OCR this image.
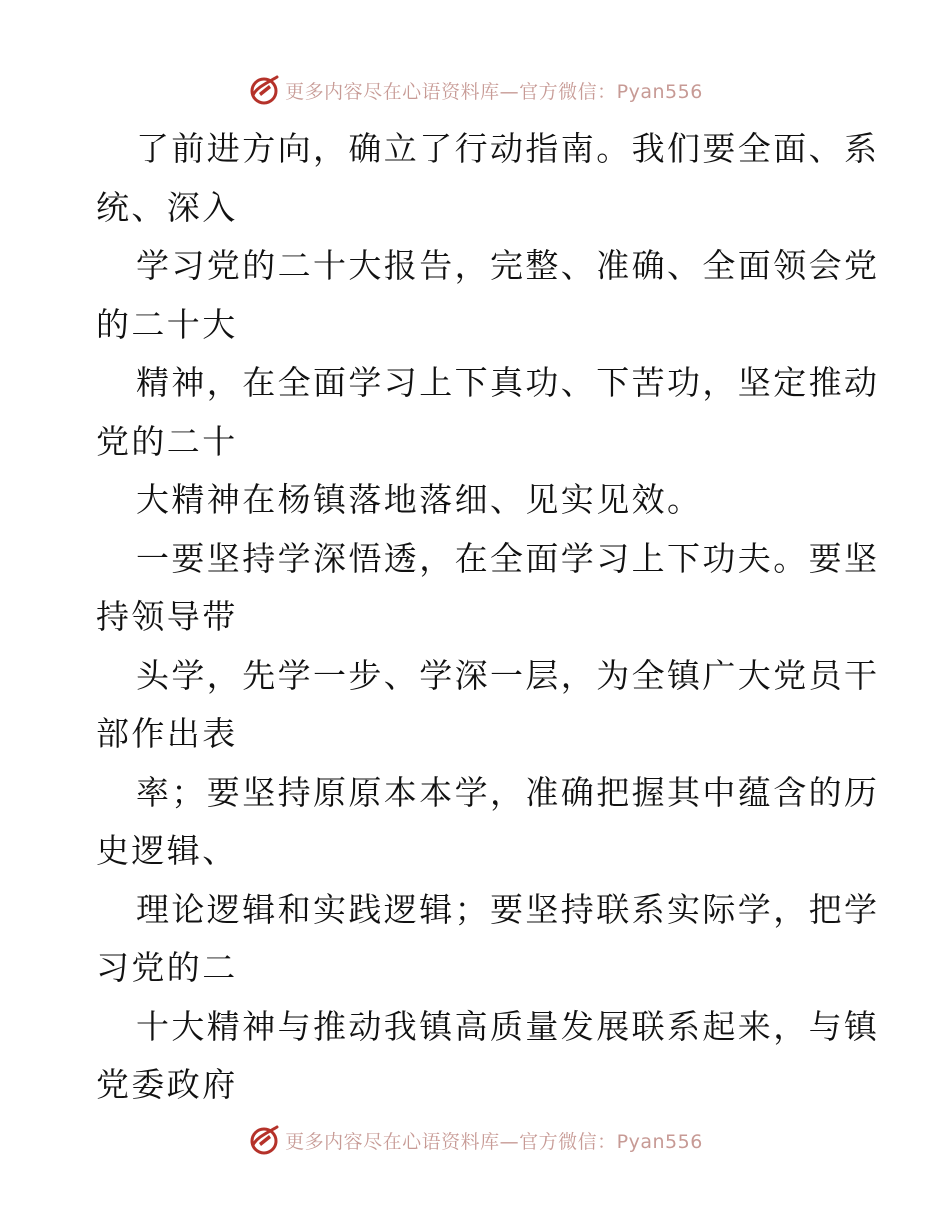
更多内容尽在心语资料库—官方微信：Pyan556
了前进方向，确立了行动指南。我们要全面、系
统、深入
学习党的二十大报告，完整、准确、全面领会党
的二十大
精神，在全面学习上下真功、下苦功，坚定推动
党的二十
大精神在杨镇落地落细、见实见效。
一要坚持学深悟透，在全面学习上下功夫。要坚
持领导带
头学，先学一步、学深一层，为全镇广大党员干
部作出表
率；要坚持原原本本学，准确把握其中蕴含的历
史逻辑、
理论逻辑和实践逻辑；要坚持联系实际学，把学
习党的二
十大精神与推动我镇高质量发展联系起来，与镇
党委政府
更多内容尽在心语资料库—官方微信：Pyan556
